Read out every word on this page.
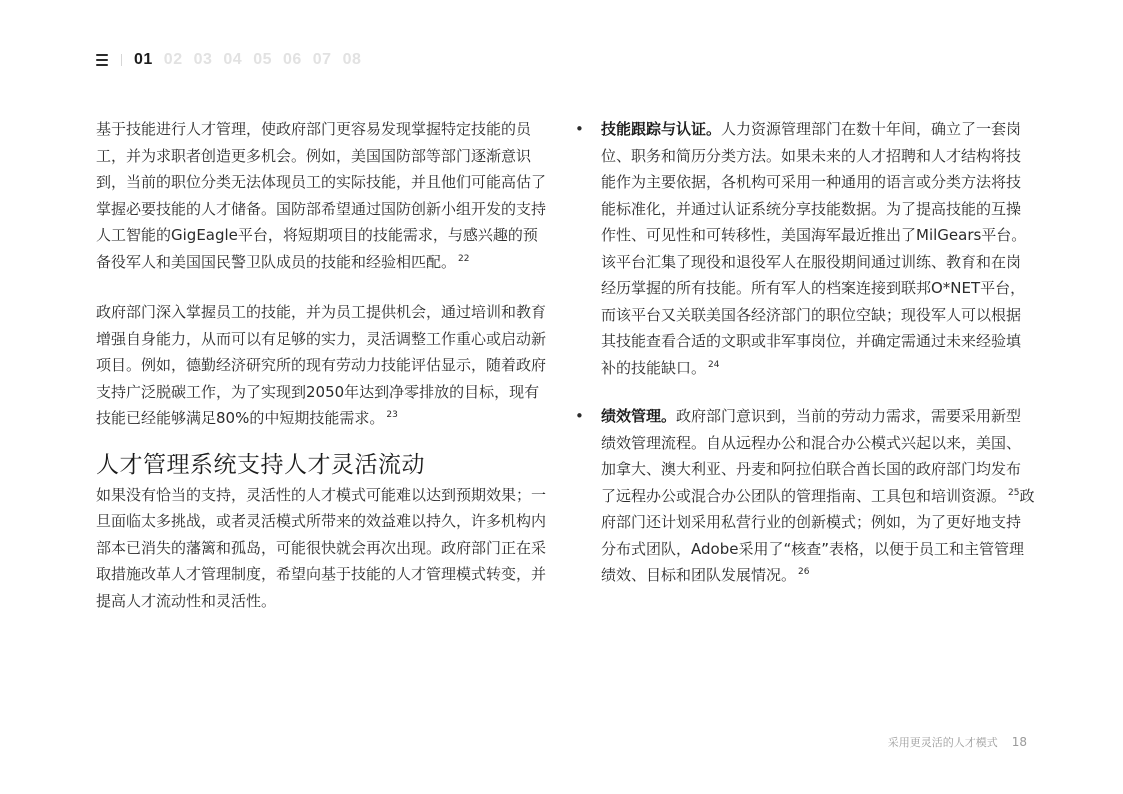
01 02 03 04 05 06 07 08

基于技能进行人才管理，使政府部门更容易发现掌握特定技能的员工，并为求职者创造更多机会。例如，美国国防部等部门逐渐意识到，当前的职位分类无法体现员工的实际技能，并且他们可能高估了掌握必要技能的人才储备。国防部希望通过国防创新小组开发的支持人工智能的GigEagle平台，将短期项目的技能需求，与感兴趣的预备役军人和美国国民警卫队成员的技能和经验相匹配。 $^{22}$

政府部门深入掌握员工的技能，并为员工提供机会，通过培训和教育增强自身能力，从而可以有足够的实力，灵活调整工作重心或启动新项目。例如，德勤经济研究所的现有劳动力技能评估显示，随着政府支持广泛脱碳工作，为了实现到2050年达到净零排放的目标，现有技能已经能够满足80%的中短期技能需求。 $^{23}$

人才管理系统支持人才灵活流动

如果没有恰当的支持，灵活性的人才模式可能难以达到预期效果；一旦面临太多挑战，或者灵活模式所带来的效益难以持久，许多机构内部本已消失的藩篱和孤岛，可能很快就会再次出现。政府部门正在采取措施改革人才管理制度，希望向基于技能的人才管理模式转变，并提高人才流动性和灵活性。

• 技能跟踪与认证。人力资源管理部门在数十年间，确立了一套岗位、职务和简历分类方法。如果未来的人才招聘和人才结构将技能作为主要依据，各机构可采用一种通用的语言或分类方法将技能标准化，并通过认证系统分享技能数据。为了提高技能的互操作性、可见性和可转移性，美国海军最近推出了MilGears平台。该平台汇集了现役和退役军人在服役期间通过训练、教育和在岗经历掌握的所有技能。所有军人的档案连接到联邦O*NET平台，而该平台又关联美国各经济部门的职位空缺；现役军人可以根据其技能查看合适的文职或非军事岗位，并确定需通过未来经验填补的技能缺口。 $^{24}$

• 绩效管理。政府部门意识到，当前的劳动力需求，需要采用新型绩效管理流程。自从远程办公和混合办公模式兴起以来，美国、加拿大、澳大利亚、丹麦和阿拉伯联合酋长国的政府部门均发布了远程办公或混合办公团队的管理指南、工具包和培训资源。 $^{25}$政府部门还计划采用私营行业的创新模式；例如，为了更好地支持分布式团队，Adobe采用了“核查”表格，以便于员工和主管管理绩效、目标和团队发展情况。 $^{26}$

采用更灵活的人才模式 18
